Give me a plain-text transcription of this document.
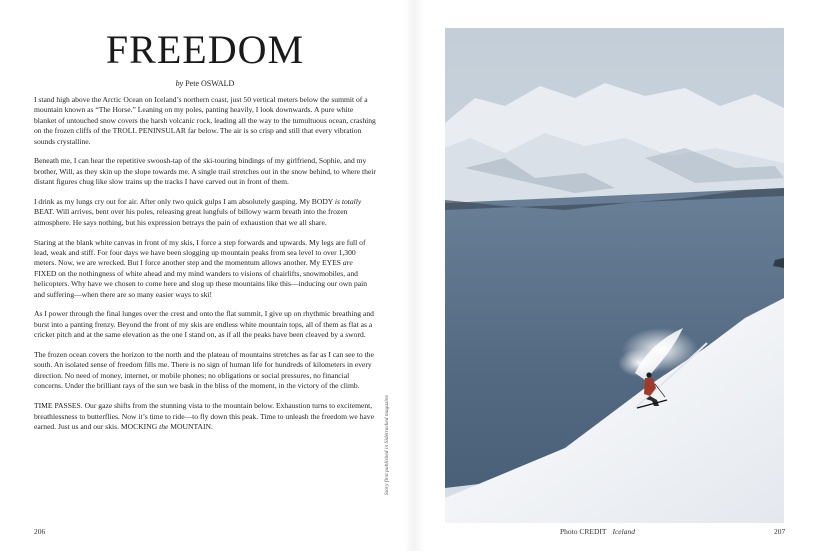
FREEDOM
by Pete OSWALD

I stand high above the Arctic Ocean on Iceland’s northern coast, just 50 vertical meters below the summit of a mountain known as “The Horse.” Leaning on my poles, panting heavily, I look downwards. A pure white blanket of untouched snow covers the harsh volcanic rock, leading all the way to the tumultuous ocean, crashing on the frozen cliffs of the TROLL PENINSULAR far below. The air is so crisp and still that every vibration sounds crystalline.

Beneath me, I can hear the repetitive swoosh-tap of the ski-touring bindings of my girlfriend, Sophie, and my brother, Will, as they skin up the slope towards me. A single trail stretches out in the snow behind, to where their distant figures chug like slow trains up the tracks I have carved out in front of them.

I drink as my lungs cry out for air. After only two quick gulps I am absolutely gasping. My BODY is totally BEAT. Will arrives, bent over his poles, releasing great lungfuls of billowy warm breath into the frozen atmosphere. He says nothing, but his expression betrays the pain of exhaustion that we all share.

Staring at the blank white canvas in front of my skis, I force a step forwards and upwards. My legs are full of lead, weak and stiff. For four days we have been slogging up mountain peaks from sea level to over 1,300 meters. Now, we are wrecked. But I force another step and the momentum allows another. My EYES are FIXED on the nothingness of white ahead and my mind wanders to visions of chairlifts, snowmobiles, and helicopters. Why have we chosen to come here and slog up these mountains like this—inducing our own pain and suffering—when there are so many easier ways to ski!

As I power through the final lunges over the crest and onto the flat summit, I give up on rhythmic breathing and burst into a panting frenzy. Beyond the front of my skis are endless white mountain tops, all of them as flat as a cricket pitch and at the same elevation as the one I stand on, as if all the peaks have been cleaved by a sword.

The frozen ocean covers the horizon to the north and the plateau of mountains stretches as far as I can see to the south. An isolated sense of freedom fills me. There is no sign of human life for hundreds of kilometers in every direction. No need of money, internet, or mobile phones; no obligations or social pressures, no financial concerns. Under the brilliant rays of the sun we bask in the bliss of the moment, in the victory of the climb.

TIME PASSES. Our gaze shifts from the stunning vista to the mountain below. Exhaustion turns to excitement, breathlessness to butterflies. Now it’s time to ride—to fly down this peak. Time to unleash the freedom we have earned. Just us and our skis. MOCKING the MOUNTAIN.	Story first published in Sidetracked magazine
206	Photo CREDIT Iceland	207
